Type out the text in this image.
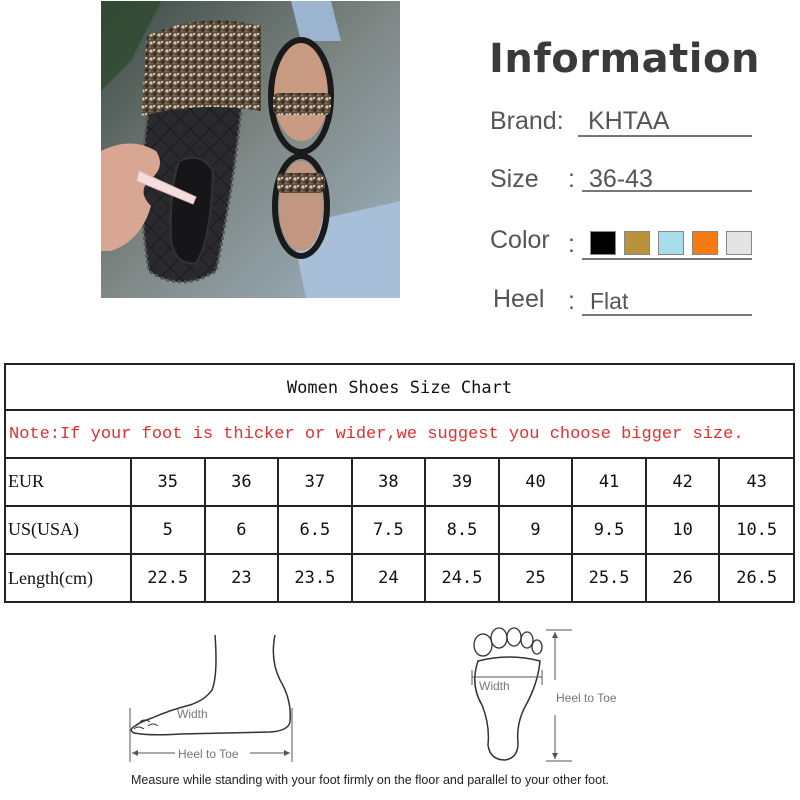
Information
Brand: KHTAA
Size : 36-43
Color :
Heel : Flat
Women Shoes Size Chart
Note:If your foot is thicker or wider,we suggest you choose bigger size.
EUR	35	36	37	38	39	40	41	42	43
US(USA)	5	6	6.5	7.5	8.5	9	9.5	10	10.5
Length(cm)	22.5	23	23.5	24	24.5	25	25.5	26	26.5
Width
Heel to Toe
Width
Heel to Toe
Measure while standing with your foot firmly on the floor and parallel to your other foot.
